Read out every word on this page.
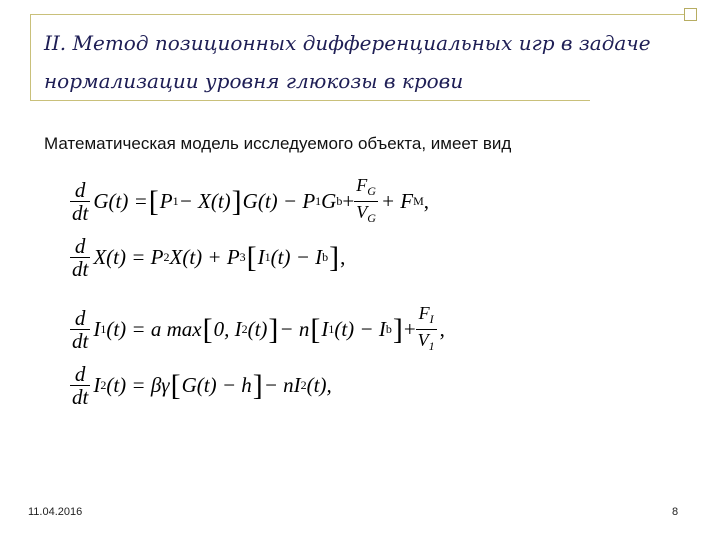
II. Метод позиционных дифференциальных игр в задаче нормализации уровня глюкозы в крови
Математическая модель исследуемого объекта, имеет вид
$\frac{d}{dt} G(t)$ = [ P 1 − X(t) ] G(t) − P 1 G $b + \frac{F_G}{V_G} + F$ M ,
$\frac{d}{dt} X(t) = P$ 2 X(t) + P 3 [ I 1 (t) − I b ] ,
$\frac{d}{dt}$ I 1 (t) = a max [ 0, I 2 (t) ] − n [ I 1 (t) − I b ] + $\frac{F_I}{V_1}$ ,
$\frac{d}{dt}$ I 2 (t) = βγ [ G(t) − h ] − nI 2 (t),
11.04.2016	8
